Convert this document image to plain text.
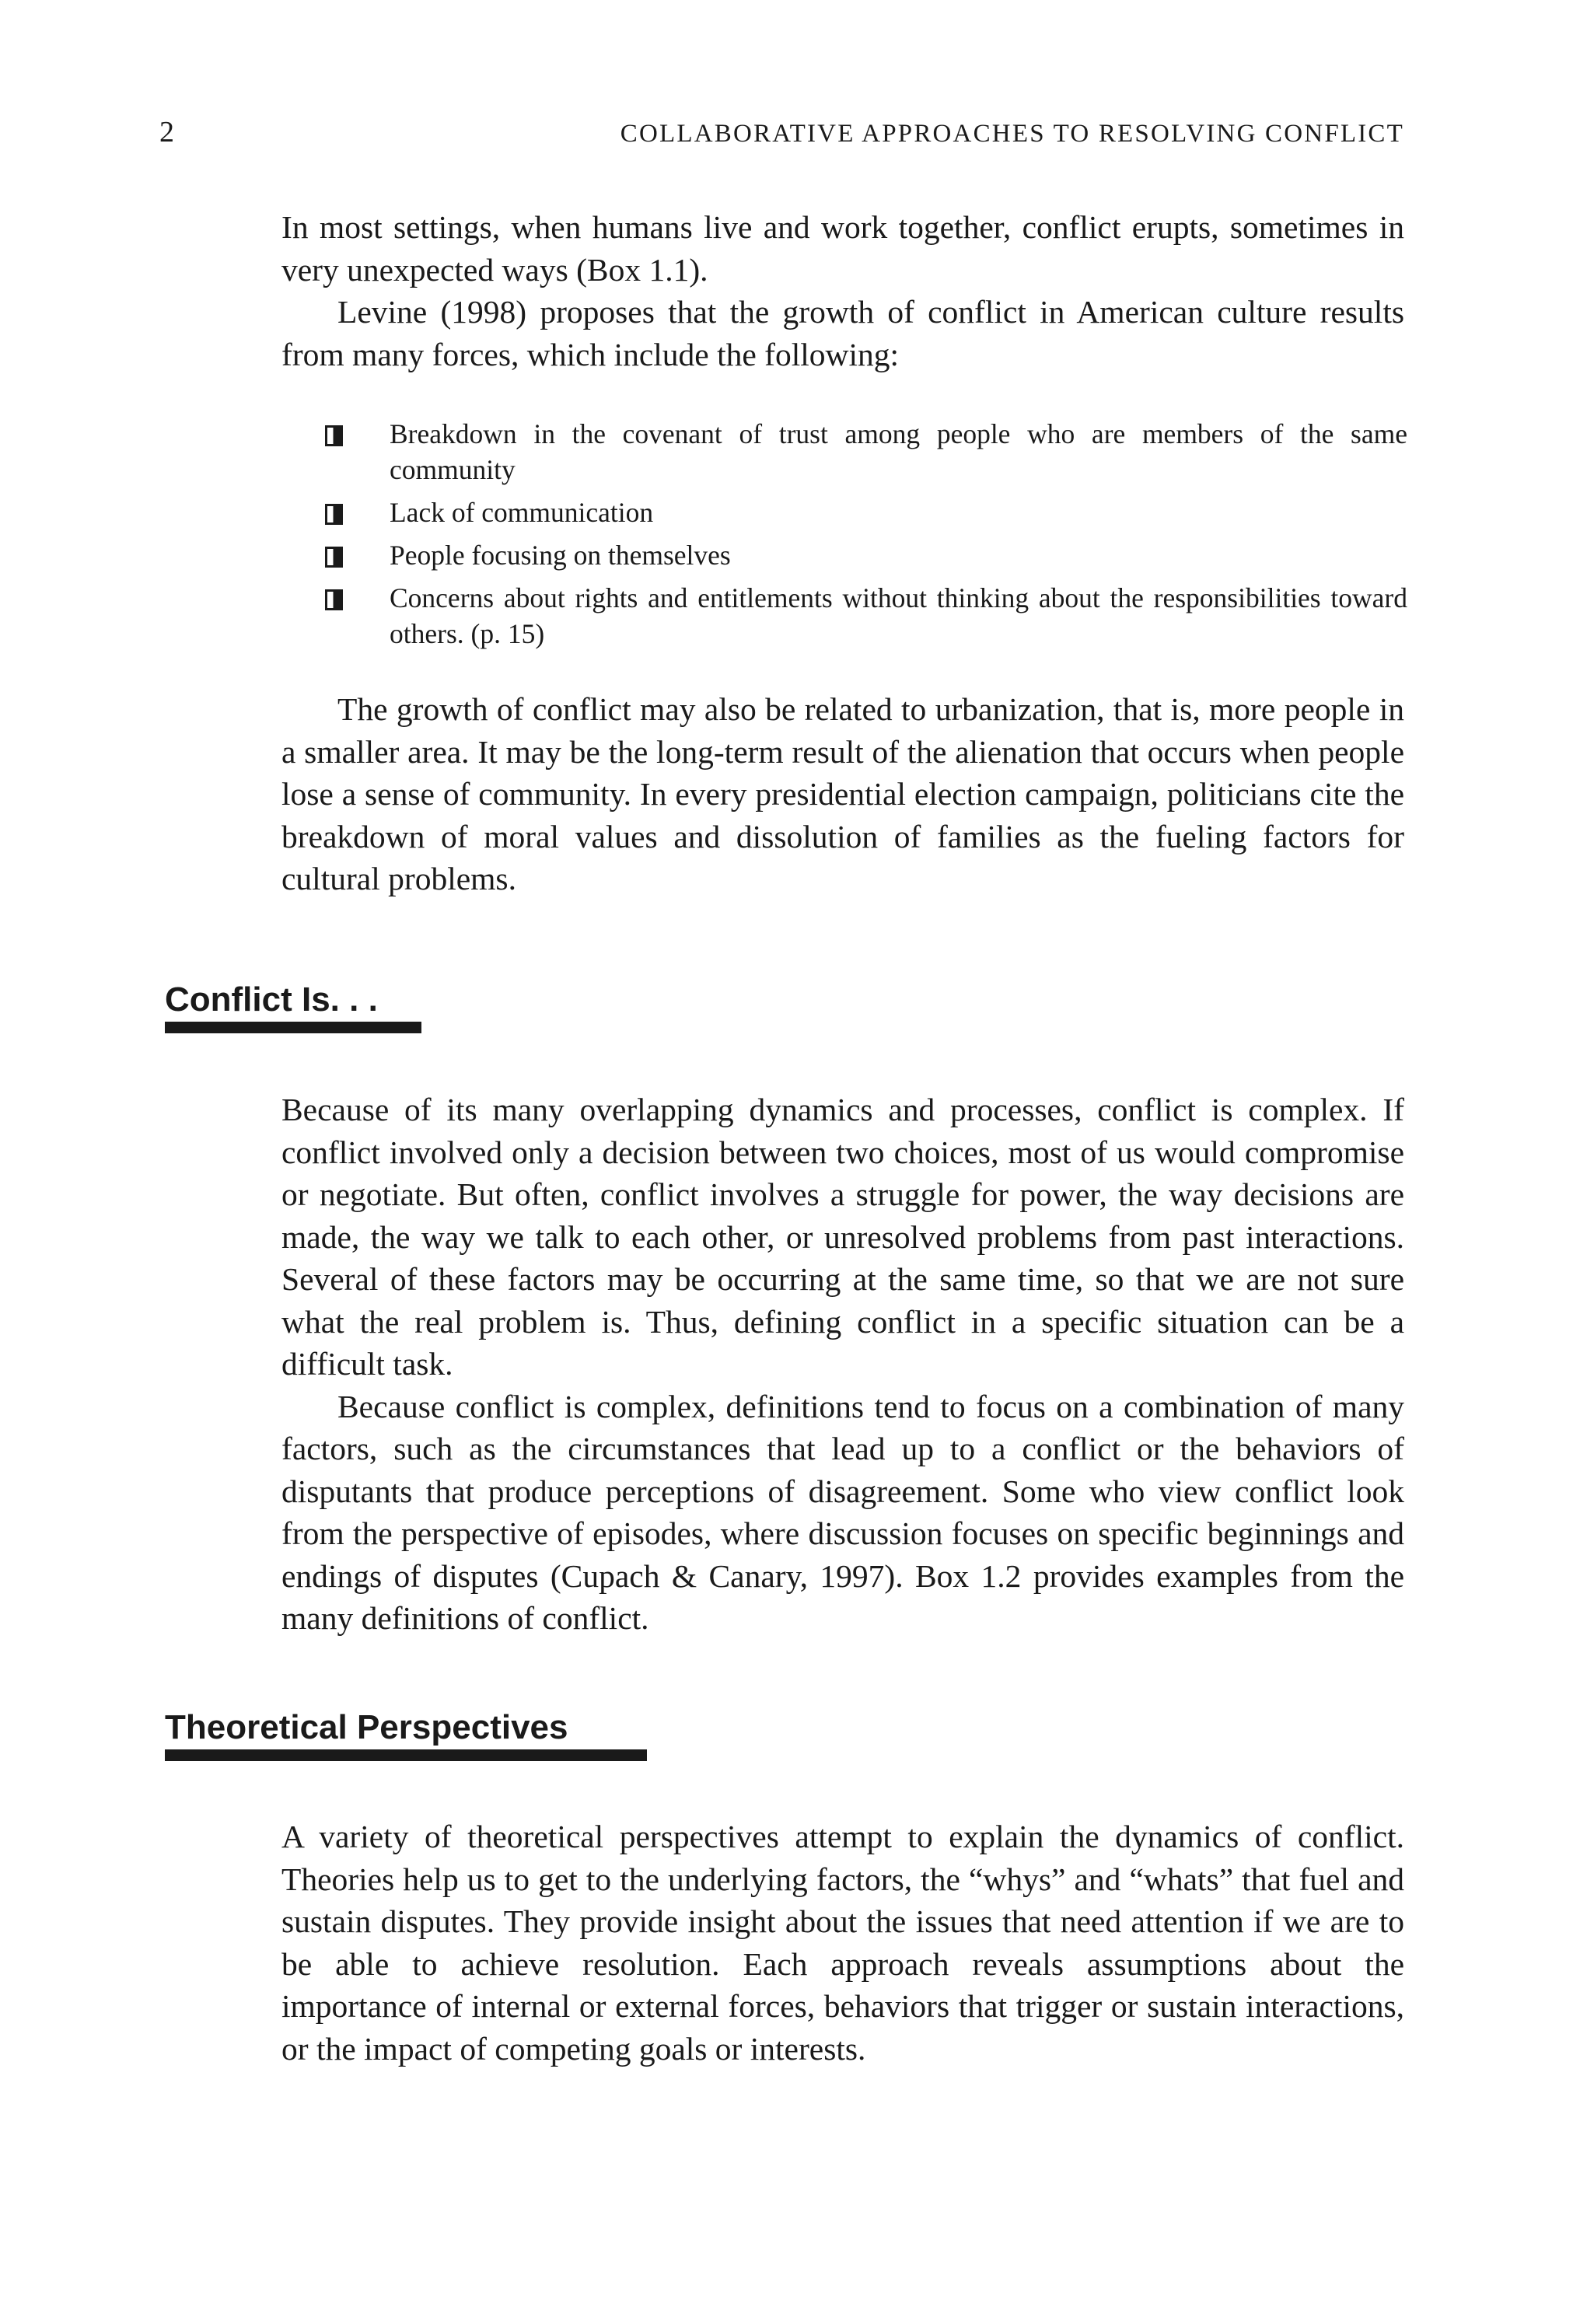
2	COLLABORATIVE APPROACHES TO RESOLVING CONFLICT

In most settings, when humans live and work together, conflict erupts, sometimes in very unexpected ways (Box 1.1).

Levine (1998) proposes that the growth of conflict in American culture results from many forces, which include the following:

Breakdown in the covenant of trust among people who are members of the same community
Lack of communication
People focusing on themselves
Concerns about rights and entitlements without thinking about the responsibilities toward others. (p. 15)

The growth of conflict may also be related to urbanization, that is, more people in a smaller area. It may be the long-term result of the alienation that occurs when people lose a sense of community. In every presidential election campaign, politicians cite the breakdown of moral values and dissolution of families as the fueling factors for cultural problems.

Conflict Is. . .

Because of its many overlapping dynamics and processes, conflict is complex. If conflict involved only a decision between two choices, most of us would compromise or negotiate. But often, conflict involves a struggle for power, the way decisions are made, the way we talk to each other, or unresolved problems from past interactions. Several of these factors may be occurring at the same time, so that we are not sure what the real problem is. Thus, defining conflict in a specific situation can be a difficult task.

Because conflict is complex, definitions tend to focus on a combination of many factors, such as the circumstances that lead up to a conflict or the behaviors of disputants that produce perceptions of disagreement. Some who view conflict look from the perspective of episodes, where discussion focuses on specific beginnings and endings of disputes (Cupach & Canary, 1997). Box 1.2 provides examples from the many definitions of conflict.

Theoretical Perspectives

A variety of theoretical perspectives attempt to explain the dynamics of conflict. Theories help us to get to the underlying factors, the “whys” and “whats” that fuel and sustain disputes. They provide insight about the issues that need attention if we are to be able to achieve resolution. Each approach reveals assumptions about the importance of internal or external forces, behaviors that trigger or sustain interactions, or the impact of competing goals or interests.
